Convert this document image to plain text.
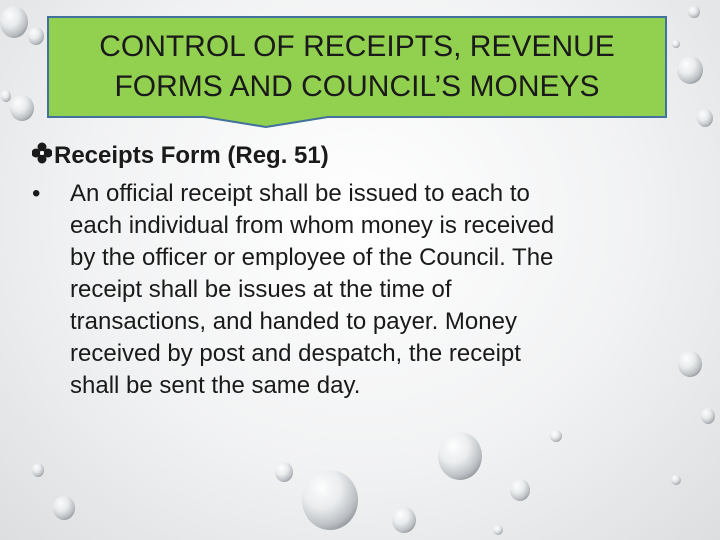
CONTROL OF RECEIPTS, REVENUE
FORMS AND COUNCIL’S MONEYS
Receipts Form (Reg. 51)
•	An official receipt shall be issued to each to
each individual from whom money is received
by the officer or employee of the Council. The
receipt shall be issues at the time of
transactions, and handed to payer. Money
received by post and despatch, the receipt
shall be sent the same day.
